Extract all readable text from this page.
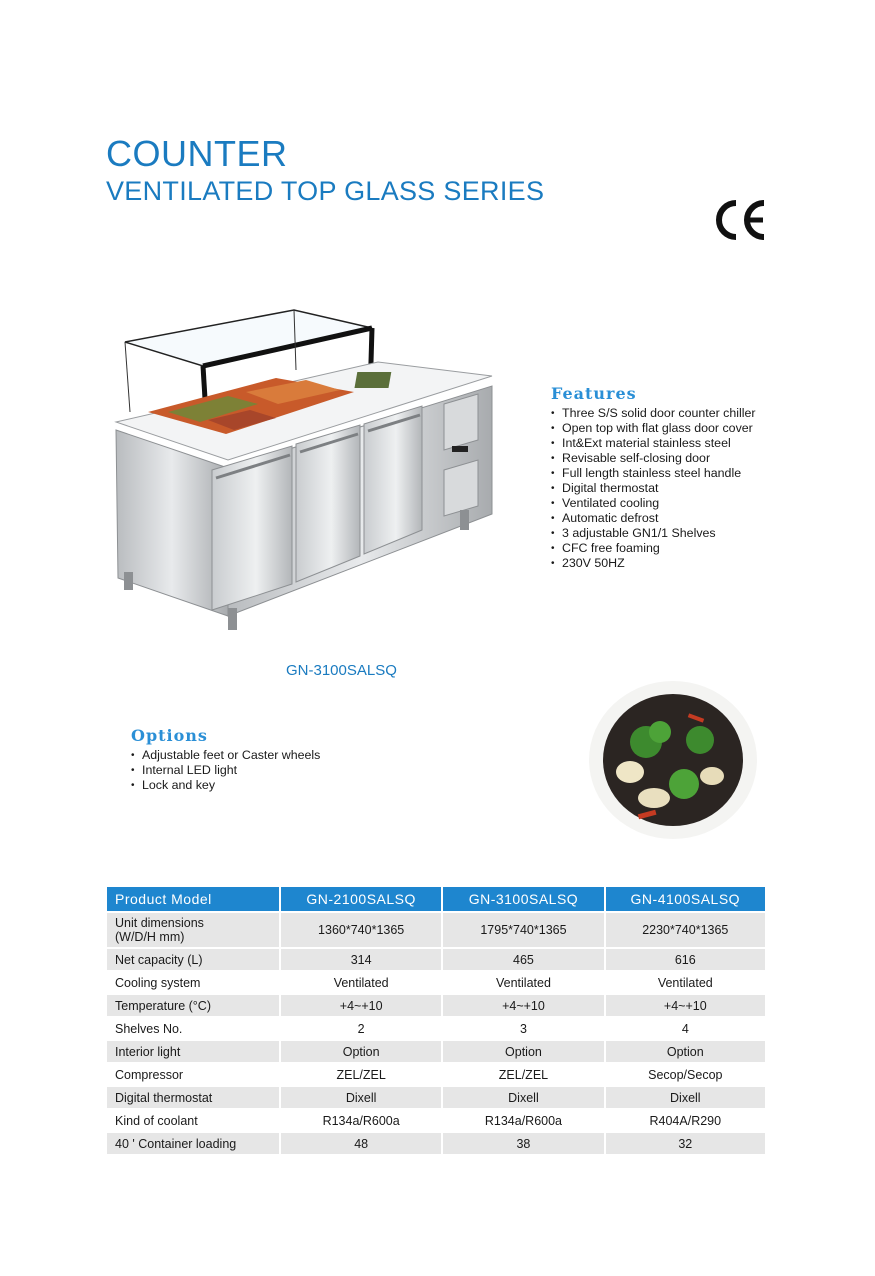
COUNTER
VENTILATED TOP GLASS SERIES
GN-3100SALSQ
Features
• Three S/S solid door counter chiller
• Open top with flat glass door cover
• Int&Ext material stainless steel
• Revisable self-closing door
• Full length stainless steel handle
• Digital thermostat
• Ventilated cooling
• Automatic defrost
• 3 adjustable GN1/1 Shelves
• CFC free foaming
• 230V 50HZ
Options
• Adjustable feet or Caster wheels
• Internal LED light
• Lock and key
Product Model	GN-2100SALSQ	GN-3100SALSQ	GN-4100SALSQ
Unit dimensions
(W/D/H mm)	1360*740*1365	1795*740*1365	2230*740*1365
Net capacity (L)	314	465	616
Cooling system	Ventilated	Ventilated	Ventilated
Temperature (°C)	+4~+10	+4~+10	+4~+10
Shelves No.	2	3	4
Interior light	Option	Option	Option
Compressor	ZEL/ZEL	ZEL/ZEL	Secop/Secop
Digital thermostat	Dixell	Dixell	Dixell
Kind of coolant	R134a/R600a	R134a/R600a	R404A/R290
40 ' Container loading	48	38	32
